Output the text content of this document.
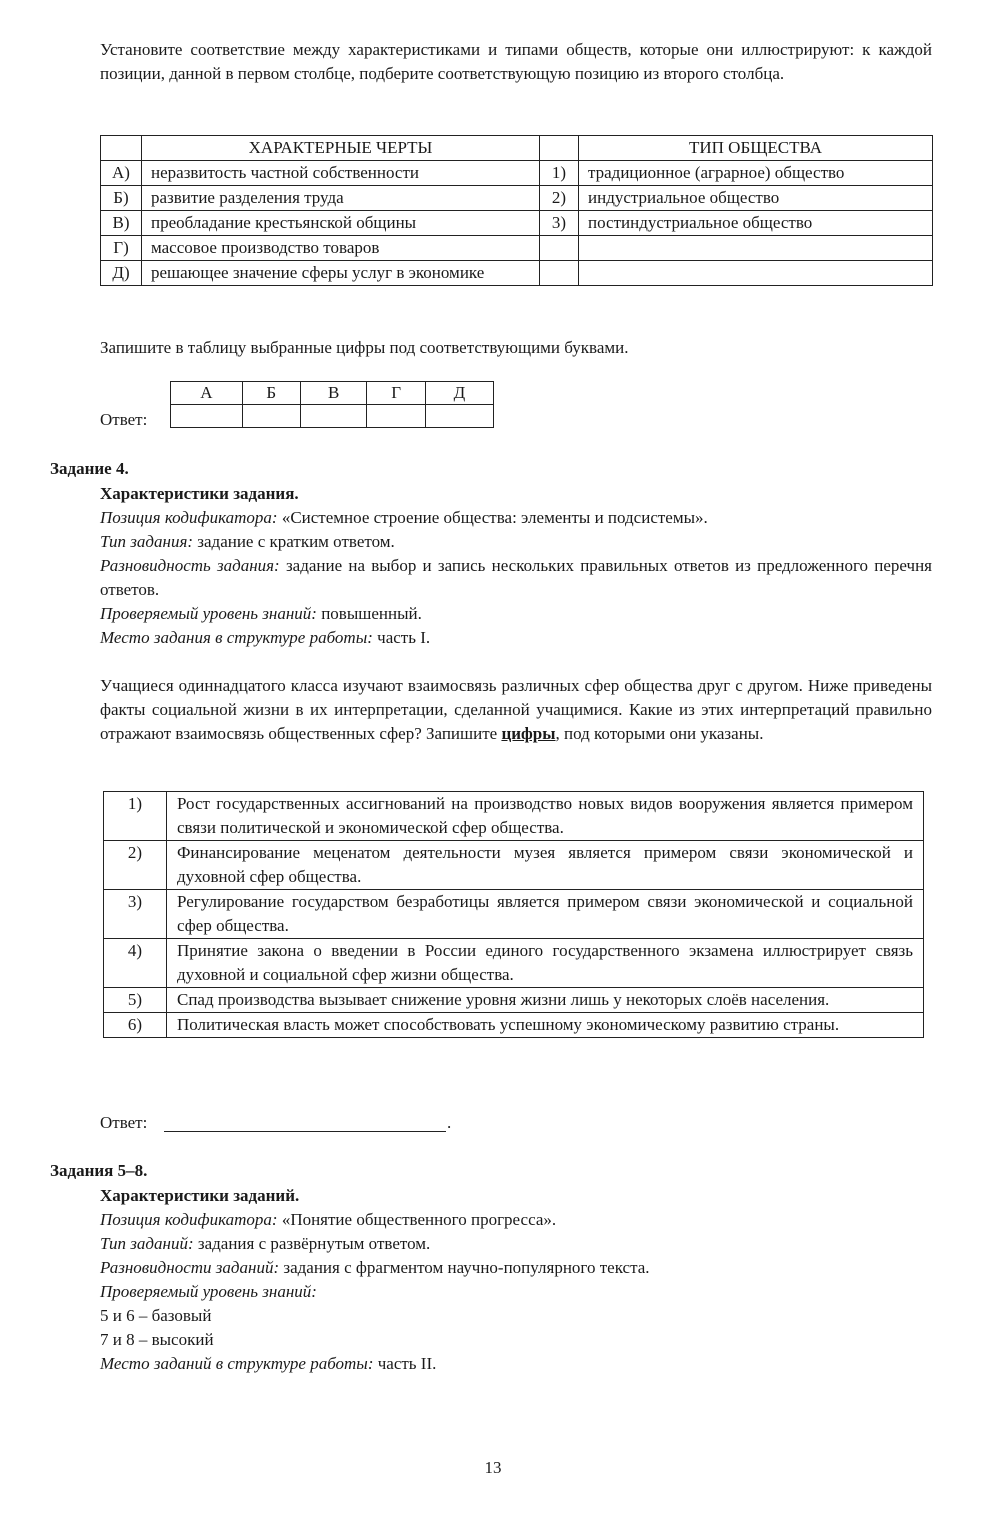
Установите соответствие между характеристиками и типами обществ, которые они иллюстрируют: к каждой позиции, данной в первом столбце, подберите соответствующую позицию из второго столбца.

	ХАРАКТЕРНЫЕ ЧЕРТЫ		ТИП ОБЩЕСТВА
А)	неразвитость частной собственности	1)	традиционное (аграрное) общество
Б)	развитие разделения труда	2)	индустриальное общество
В)	преобладание крестьянской общины	3)	постиндустриальное общество
Г)	массовое производство товаров		
Д)	решающее значение сферы услуг в экономике		

Запишите в таблицу выбранные цифры под соответствующими буквами.

Ответ:

А	Б	В	Г	Д

Задание 4.

Характеристики задания.

Позиция кодификатора: «Системное строение общества: элементы и подсистемы».

Тип задания: задание с кратким ответом.

Разновидность задания: задание на выбор и запись нескольких правильных ответов из предложенного перечня ответов.

Проверяемый уровень знаний: повышенный.

Место задания в структуре работы: часть I.

Учащиеся одиннадцатого класса изучают взаимосвязь различных сфер общества друг с другом. Ниже приведены факты социальной жизни в их интерпретации, сделанной учащимися. Какие из этих интерпретаций правильно отражают взаимосвязь общественных сфер? Запишите цифры, под которыми они указаны.

1)	Рост государственных ассигнований на производство новых видов вооружения является примером связи политической и экономической сфер общества.
2)	Финансирование меценатом деятельности музея является примером связи экономической и духовной сфер общества.
3)	Регулирование государством безработицы является примером связи экономической и социальной сфер общества.
4)	Принятие закона о введении в России единого государственного экзамена иллюстрирует связь духовной и социальной сфер жизни общества.
5)	Спад производства вызывает снижение уровня жизни лишь у некоторых слоёв населения.
6)	Политическая власть может способствовать успешному экономическому развитию страны.
Ответ:	.

Задания 5–8.

Характеристики заданий.

Позиция кодификатора: «Понятие общественного прогресса».

Тип заданий: задания с развёрнутым ответом.

Разновидности заданий: задания с фрагментом научно-популярного текста.

Проверяемый уровень знаний:

5 и 6 – базовый

7 и 8 – высокий

Место заданий в структуре работы: часть II.

13
